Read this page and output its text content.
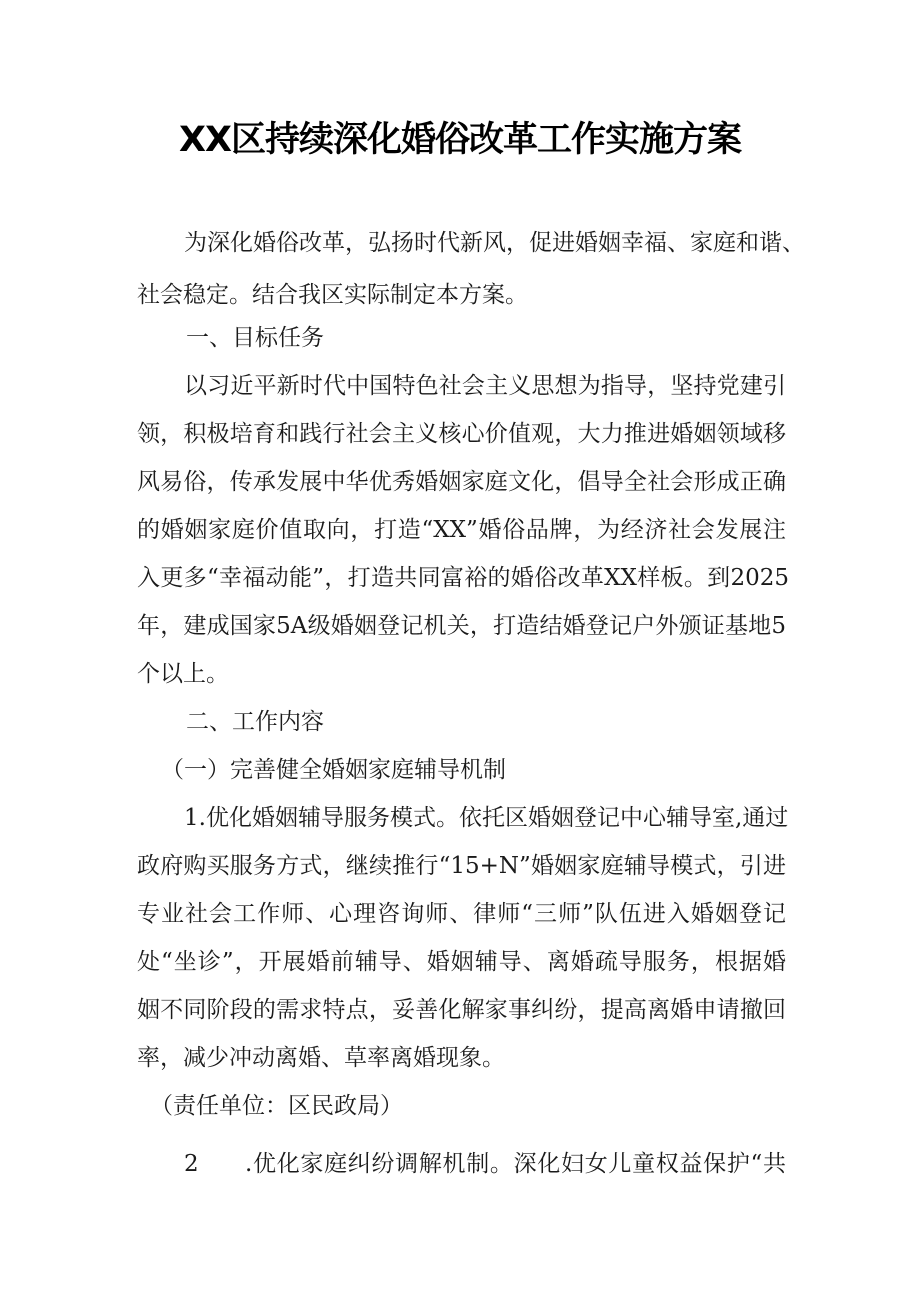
XX区持续深化婚俗改革工作实施方案
为深化婚俗改革，弘扬时代新风，促进婚姻幸福、家庭和谐、
社会稳定。结合我区实际制定本方案。
一、目标任务
以习近平新时代中国特色社会主义思想为指导，坚持党建引
领，积极培育和践行社会主义核心价值观，大力推进婚姻领域移
风易俗，传承发展中华优秀婚姻家庭文化，倡导全社会形成正确
的婚姻家庭价值取向，打造“XX”婚俗品牌，为经济社会发展注
入更多“幸福动能”，打造共同富裕的婚俗改革XX样板。到2025
年，建成国家5A级婚姻登记机关，打造结婚登记户外颁证基地5
个以上。
二、工作内容
（一）完善健全婚姻家庭辅导机制
1.优化婚姻辅导服务模式。依托区婚姻登记中心辅导室,通过
政府购买服务方式，继续推行“15+N”婚姻家庭辅导模式，引进
专业社会工作师、心理咨询师、律师“三师”队伍进入婚姻登记
处“坐诊”，开展婚前辅导、婚姻辅导、离婚疏导服务，根据婚
姻不同阶段的需求特点，妥善化解家事纠纷，提高离婚申请撤回
率，减少冲动离婚、草率离婚现象。
（责任单位：区民政局）
2 .优化家庭纠纷调解机制。深化妇女儿童权益保护“共
